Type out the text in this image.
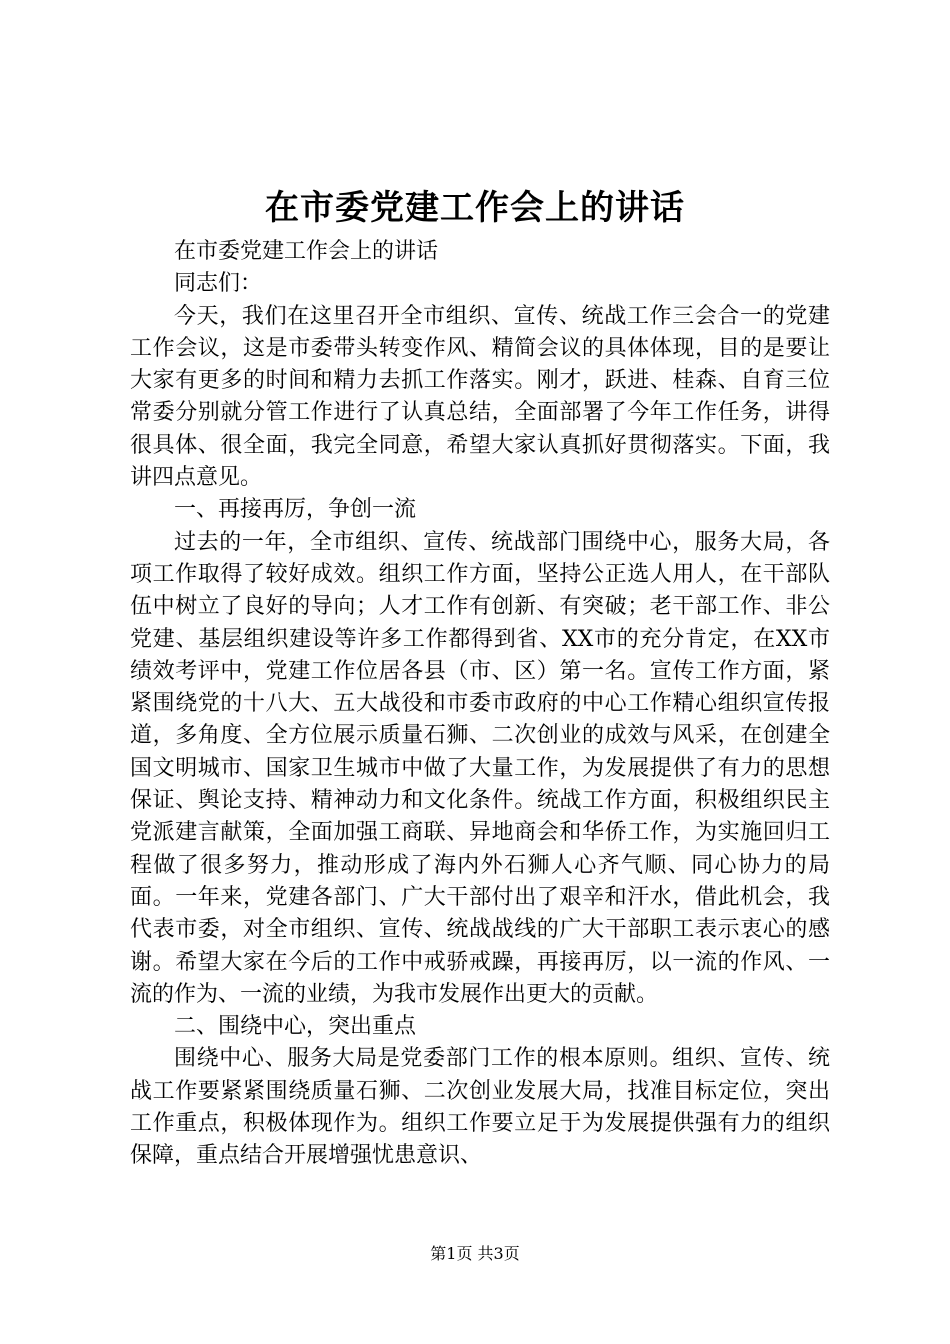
在市委党建工作会上的讲话

在市委党建工作会上的讲话

同志们：

今天，我们在这里召开全市组织、宣传、统战工作三会合一的党建工作会议，这是市委带头转变作风、精简会议的具体体现，目的是要让大家有更多的时间和精力去抓工作落实。刚才，跃进、桂森、自育三位常委分别就分管工作进行了认真总结，全面部署了今年工作任务，讲得很具体、很全面，我完全同意，希望大家认真抓好贯彻落实。下面，我讲四点意见。

一、再接再厉，争创一流

过去的一年，全市组织、宣传、统战部门围绕中心，服务大局，各项工作取得了较好成效。组织工作方面，坚持公正选人用人，在干部队伍中树立了良好的导向；人才工作有创新、有突破；老干部工作、非公党建、基层组织建设等许多工作都得到省、XX市的充分肯定，在XX市绩效考评中，党建工作位居各县（市、区）第一名。宣传工作方面，紧紧围绕党的十八大、五大战役和市委市政府的中心工作精心组织宣传报道，多角度、全方位展示质量石狮、二次创业的成效与风采，在创建全国文明城市、国家卫生城市中做了大量工作，为发展提供了有力的思想保证、舆论支持、精神动力和文化条件。统战工作方面，积极组织民主党派建言献策，全面加强工商联、异地商会和华侨工作，为实施回归工程做了很多努力，推动形成了海内外石狮人心齐气顺、同心协力的局面。一年来，党建各部门、广大干部付出了艰辛和汗水，借此机会，我代表市委，对全市组织、宣传、统战战线的广大干部职工表示衷心的感谢。希望大家在今后的工作中戒骄戒躁，再接再厉，以一流的作风、一流的作为、一流的业绩，为我市发展作出更大的贡献。

二、围绕中心，突出重点

围绕中心、服务大局是党委部门工作的根本原则。组织、宣传、统战工作要紧紧围绕质量石狮、二次创业发展大局，找准目标定位，突出工作重点，积极体现作为。组织工作要立足于为发展提供强有力的组织保障，重点结合开展增强忧患意识、

第1页 共3页
